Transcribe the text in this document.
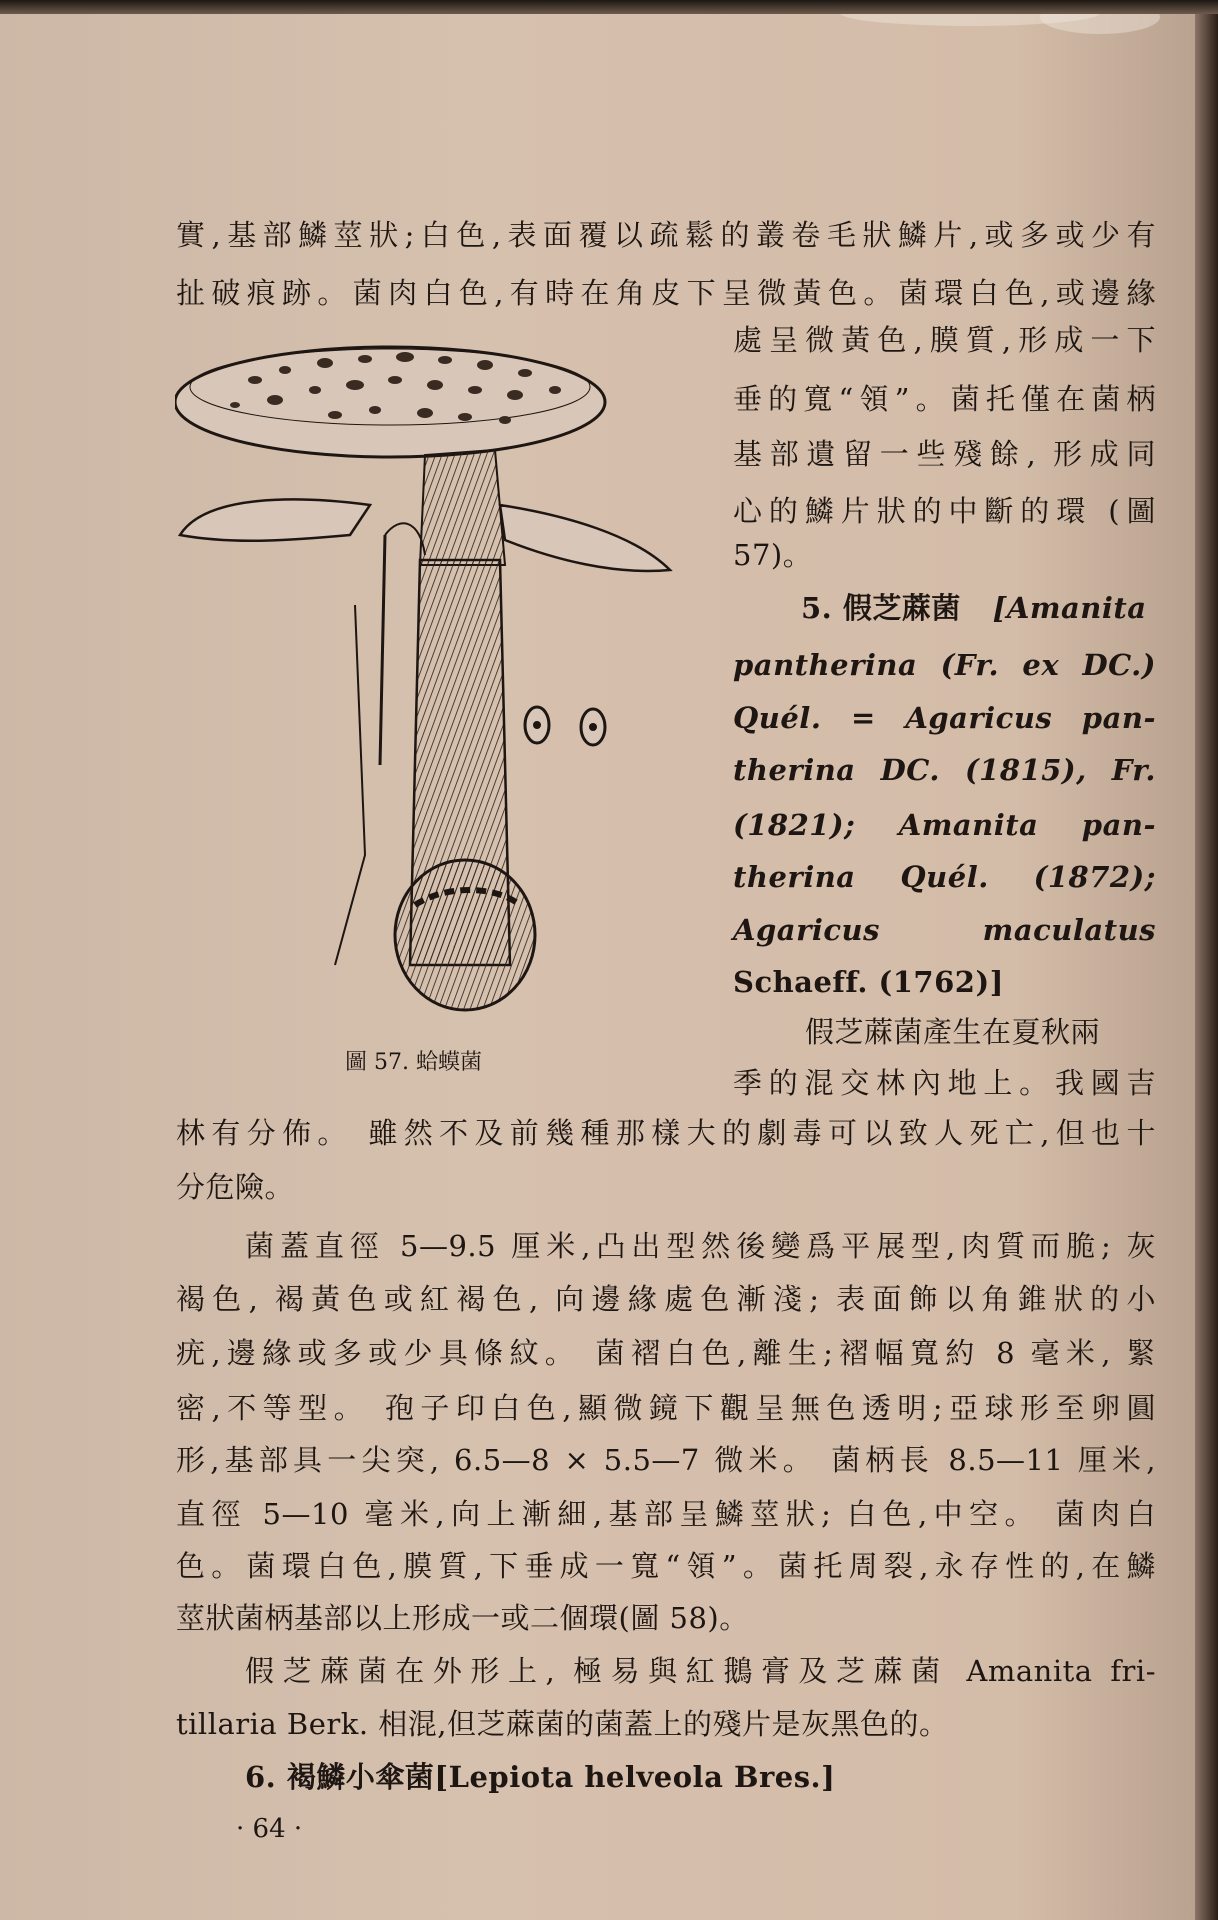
實,基部鱗莖狀;白色,表面覆以疏鬆的叢卷毛狀鱗片,或多或少有
扯破痕跡。菌肉白色,有時在角皮下呈微黃色。菌環白色,或邊緣
處呈微黃色,膜質,形成一下
垂的寬“領”。菌托僅在菌柄
基部遺留一些殘餘, 形成同
心的鱗片狀的中斷的環 (圖
57)。
5. 假芝蔴菌 [Amanita
pantherina (Fr. ex DC.)
Quél. = Agaricus pan-
therina DC. (1815), Fr.
(1821); Amanita pan-
therina Quél. (1872);
Agaricus maculatus
Schaeff. (1762)]
假芝蔴菌產生在夏秋兩
季的混交林內地上。我國吉
圖 57. 蛤蟆菌
林有分佈。 雖然不及前幾種那樣大的劇毒可以致人死亡,但也十
分危險。
菌蓋直徑 5—9.5 厘米,凸出型然後變爲平展型,肉質而脆; 灰
褐色, 褐黃色或紅褐色, 向邊緣處色漸淺; 表面飾以角錐狀的小
疣,邊緣或多或少具條紋。 菌褶白色,離生;褶幅寬約 8 毫米, 緊
密,不等型。 孢子印白色,顯微鏡下觀呈無色透明;亞球形至卵圓
形,基部具一尖突, 6.5—8 × 5.5—7 微米。 菌柄長 8.5—11 厘米,
直徑 5—10 毫米,向上漸細,基部呈鱗莖狀; 白色,中空。 菌肉白
色。菌環白色,膜質,下垂成一寬“領”。菌托周裂,永存性的,在鱗
莖狀菌柄基部以上形成一或二個環(圖 58)。
假芝蔴菌在外形上, 極易與紅鵝膏及芝蔴菌 Amanita fri-
tillaria Berk. 相混,但芝蔴菌的菌蓋上的殘片是灰黑色的。
6. 褐鱗小傘菌[Lepiota helveola Bres.]
· 64 ·
